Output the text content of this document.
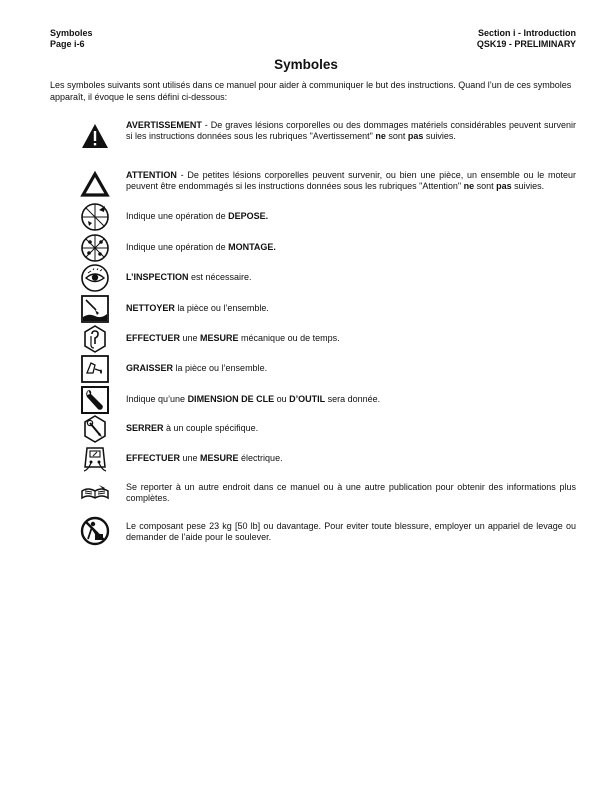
Symboles
Page i-6
Section i - Introduction
QSK19 - PRELIMINARY
Symboles
Les symboles suivants sont utilisés dans ce manuel pour aider à communiquer le but des instructions. Quand l’un de ces symboles apparaît, il évoque le sens défini ci-dessous:
AVERTISSEMENT - De graves lésions corporelles ou des dommages matériels considérables peuvent survenir si les instructions données sous les rubriques "Avertissement" ne sont pas suivies.
ATTENTION - De petites lésions corporelles peuvent survenir, ou bien une pièce, un ensemble ou le moteur peuvent être endommagés si les instructions données sous les rubriques "Attention" ne sont pas suivies.
Indique une opération de DEPOSE.
Indique une opération de MONTAGE.
L’INSPECTION est nécessaire.
NETTOYER la pièce ou l’ensemble.
EFFECTUER une MESURE mécanique ou de temps.
GRAISSER la pièce ou l’ensemble.
Indique qu’une DIMENSION DE CLE ou D’OUTIL sera donnée.
SERRER à un couple spécifique.
EFFECTUER une MESURE électrique.
Se reporter à un autre endroit dans ce manuel ou à une autre publication pour obtenir des informations plus complètes.
Le composant pese 23 kg [50 lb] ou davantage. Pour eviter toute blessure, employer un appariel de levage ou demander de l’aide pour le soulever.
